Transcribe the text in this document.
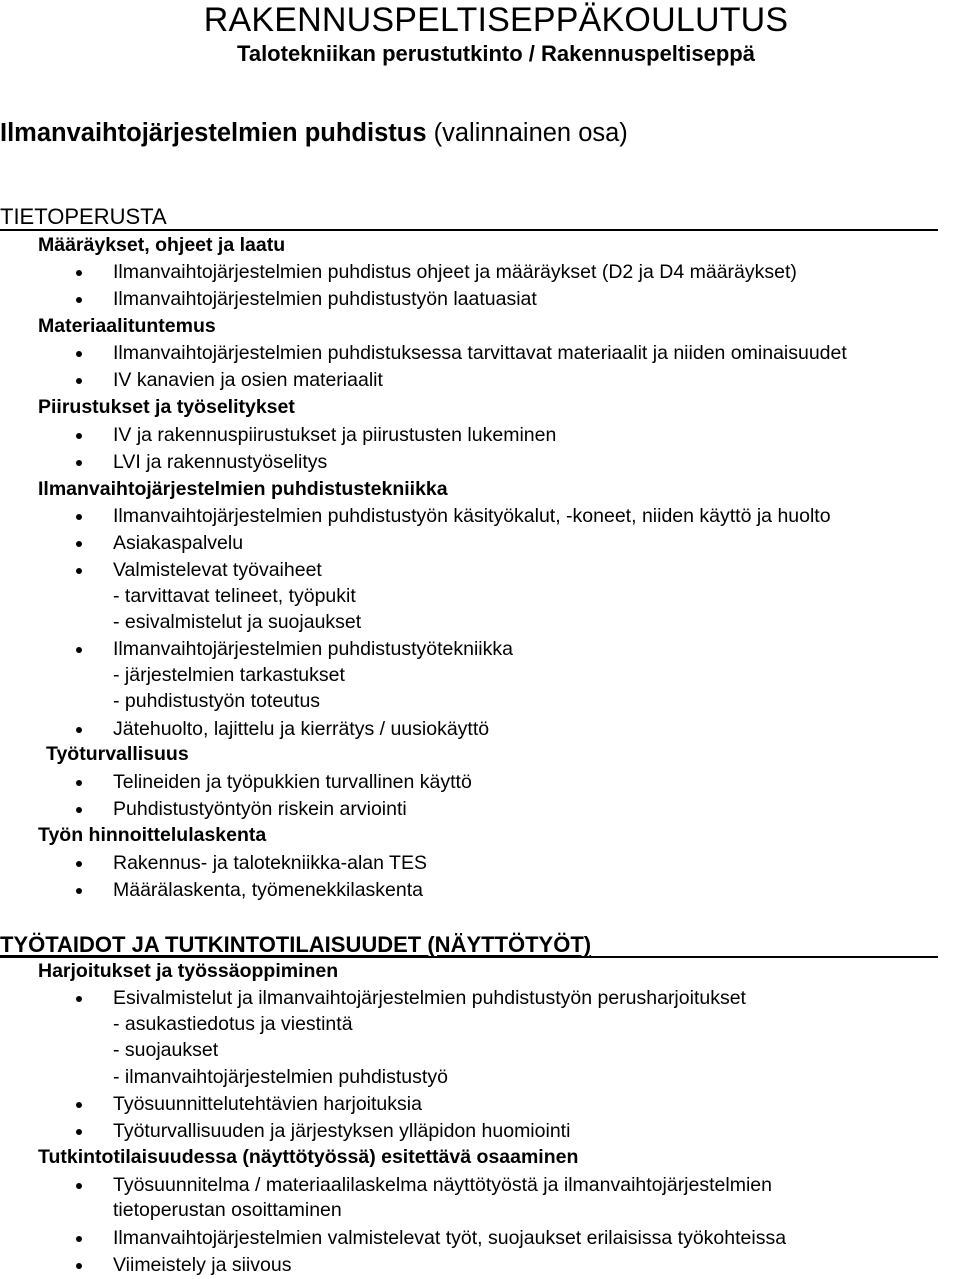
RAKENNUSPELTISEPPÄKOULUTUS
Talotekniikan perustutkinto / Rakennuspeltiseppä
Ilmanvaihtojärjestelmien puhdistus (valinnainen osa)
TIETOPERUSTA
Määräykset, ohjeet ja laatu
Ilmanvaihtojärjestelmien puhdistus ohjeet ja määräykset (D2 ja D4 määräykset)
Ilmanvaihtojärjestelmien puhdistustyön laatuasiat
Materiaalituntemus
Ilmanvaihtojärjestelmien puhdistuksessa tarvittavat materiaalit ja niiden ominaisuudet
IV kanavien ja osien materiaalit
Piirustukset ja työselitykset
IV ja rakennuspiirustukset ja piirustusten lukeminen
LVI ja rakennustyöselitys
Ilmanvaihtojärjestelmien puhdistustekniikka
Ilmanvaihtojärjestelmien puhdistustyön käsityökalut, -koneet, niiden käyttö ja huolto
Asiakaspalvelu
Valmistelevat työvaiheet
- tarvittavat telineet, työpukit
- esivalmistelut ja suojaukset
Ilmanvaihtojärjestelmien puhdistustyötekniikka
- järjestelmien tarkastukset
- puhdistustyön toteutus
Jätehuolto, lajittelu ja kierrätys / uusiokäyttö
Työturvallisuus
Telineiden ja työpukkien turvallinen käyttö
Puhdistustyöntyön riskein arviointi
Työn hinnoittelulaskenta
Rakennus- ja talotekniikka-alan TES
Määrälaskenta, työmenekkilaskenta
TYÖTAIDOT JA TUTKINTOTILAISUUDET (NÄYTTÖTYÖT)
Harjoitukset ja työssäoppiminen
Esivalmistelut ja ilmanvaihtojärjestelmien puhdistustyön perusharjoitukset
- asukastiedotus ja viestintä
- suojaukset
- ilmanvaihtojärjestelmien puhdistustyö
Työsuunnittelutehtävien harjoituksia
Työturvallisuuden ja järjestyksen ylläpidon huomiointi
Tutkintotilaisuudessa (näyttötyössä) esitettävä osaaminen
Työsuunnitelma / materiaalilaskelma näyttötyöstä ja ilmanvaihtojärjestelmien
tietoperustan osoittaminen
Ilmanvaihtojärjestelmien valmistelevat työt, suojaukset erilaisissa työkohteissa
Viimeistely ja siivous
